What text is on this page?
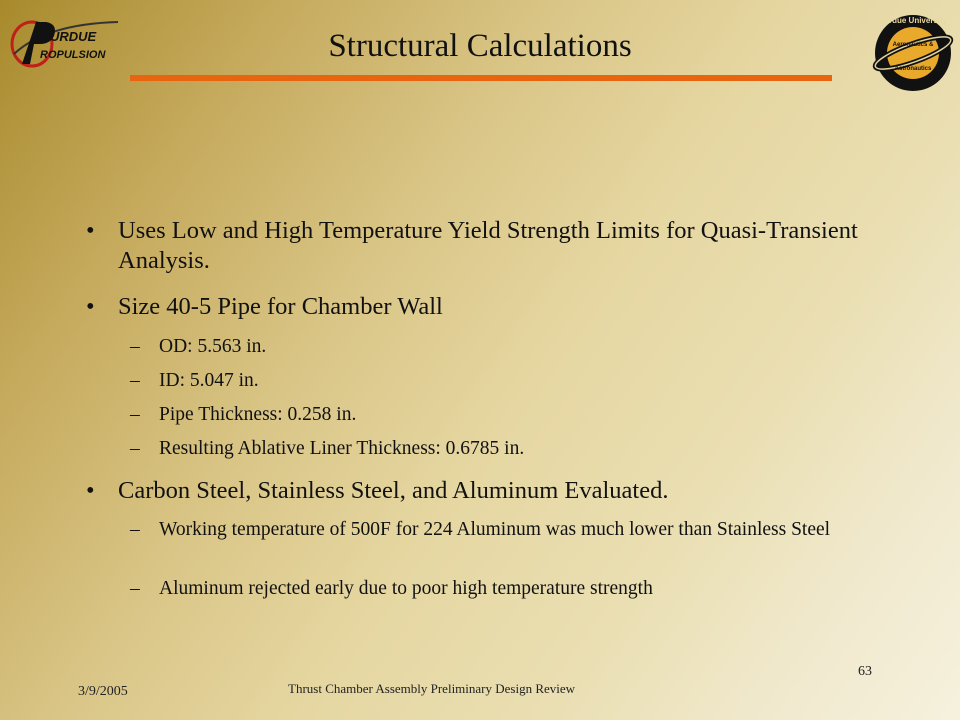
URDUE
ROPULSION	Structural Calculations
Purdue University
Aeronautics &
Astronautics
• Uses Low and High Temperature Yield Strength Limits for Quasi-Transient Analysis.
• Size 40-5 Pipe for Chamber Wall
– OD: 5.563 in.
– ID: 5.047 in.
– Pipe Thickness: 0.258 in.
– Resulting Ablative Liner Thickness: 0.6785 in.
• Carbon Steel, Stainless Steel, and Aluminum Evaluated.
– Working temperature of 500F for 224 Aluminum was much lower than Stainless Steel
– Aluminum rejected early due to poor high temperature strength
3/9/2005	Thrust Chamber Assembly Preliminary Design Review
63
